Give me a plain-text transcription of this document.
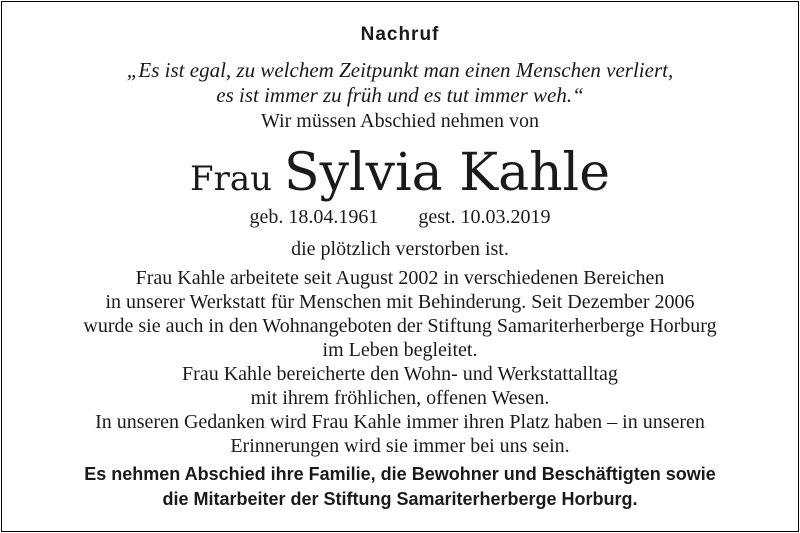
Nachruf
„Es ist egal, zu welchem Zeitpunkt man einen Menschen verliert,
es ist immer zu früh und es tut immer weh.“
Wir müssen Abschied nehmen von
Frau Sylvia Kahle
geb. 18.04.1961 gest. 10.03.2019
die plötzlich verstorben ist.
Frau Kahle arbeitete seit August 2002 in verschiedenen Bereichen
in unserer Werkstatt für Menschen mit Behinderung. Seit Dezember 2006
wurde sie auch in den Wohnangeboten der Stiftung Samariterherberge Horburg
im Leben begleitet.
Frau Kahle bereicherte den Wohn- und Werkstattalltag
mit ihrem fröhlichen, offenen Wesen.
In unseren Gedanken wird Frau Kahle immer ihren Platz haben – in unseren
Erinnerungen wird sie immer bei uns sein.
Es nehmen Abschied ihre Familie, die Bewohner und Beschäftigten sowie
die Mitarbeiter der Stiftung Samariterherberge Horburg.
